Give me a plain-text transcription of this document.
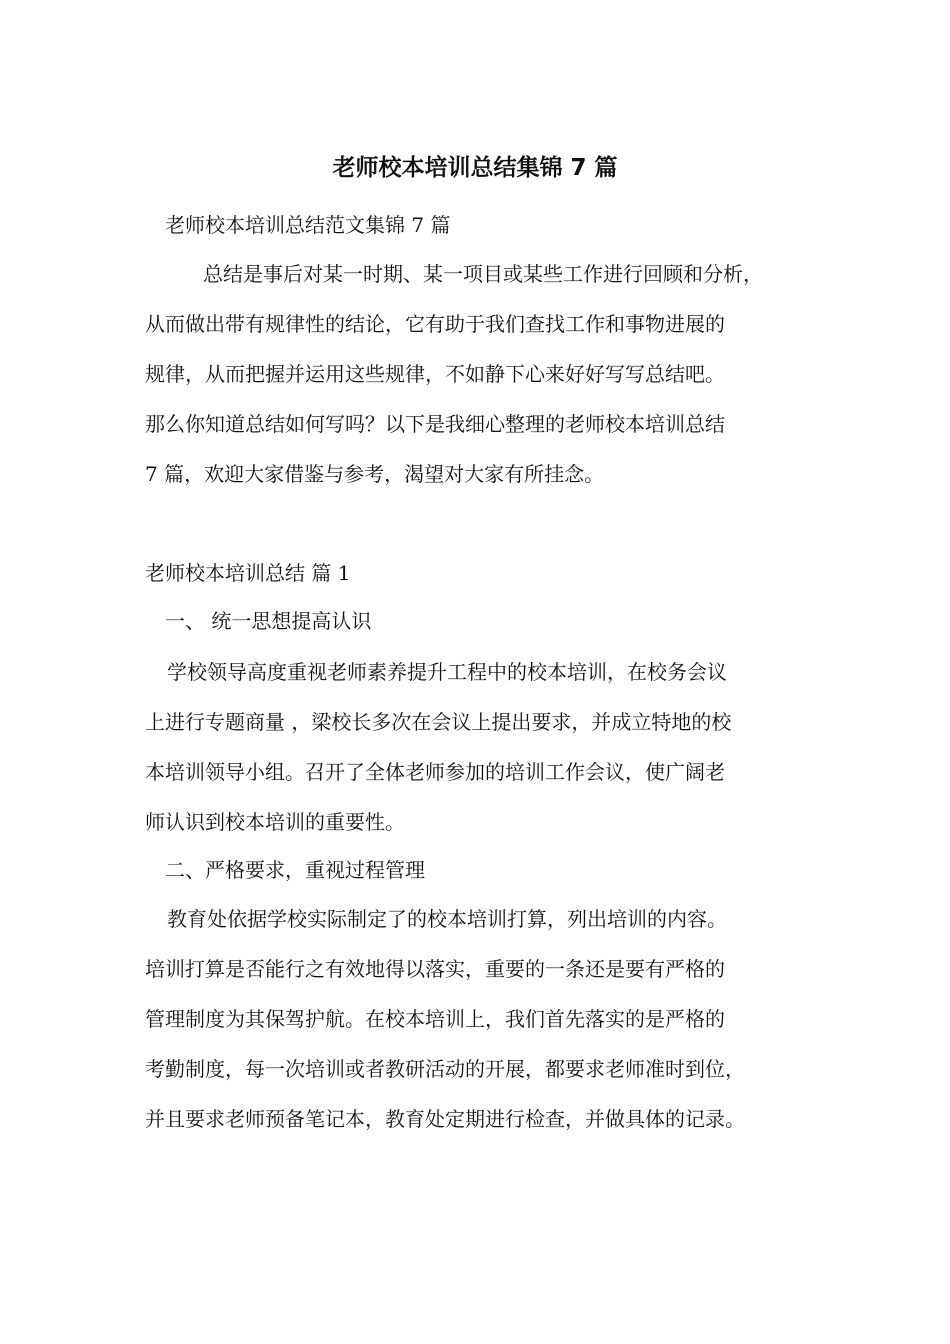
老师校本培训总结集锦 7 篇

老师校本培训总结范文集锦 7 篇

总结是事后对某一时期、某一项目或某些工作进行回顾和分析，
从而做出带有规律性的结论，它有助于我们查找工作和事物进展的
规律，从而把握并运用这些规律，不如静下心来好好写写总结吧。
那么你知道总结如何写吗？以下是我细心整理的老师校本培训总结
7 篇，欢迎大家借鉴与参考，渴望对大家有所挂念。

老师校本培训总结 篇 1

一、 统一思想提高认识

学校领导高度重视老师素养提升工程中的校本培训，在校务会议
上进行专题商量 ，梁校长多次在会议上提出要求，并成立特地的校
本培训领导小组。召开了全体老师参加的培训工作会议，使广阔老
师认识到校本培训的重要性。

二、严格要求，重视过程管理

教育处依据学校实际制定了的校本培训打算，列出培训的内容。
培训打算是否能行之有效地得以落实，重要的一条还是要有严格的
管理制度为其保驾护航。在校本培训上，我们首先落实的是严格的
考勤制度，每一次培训或者教研活动的开展，都要求老师准时到位，
并且要求老师预备笔记本，教育处定期进行检查，并做具体的记录。
